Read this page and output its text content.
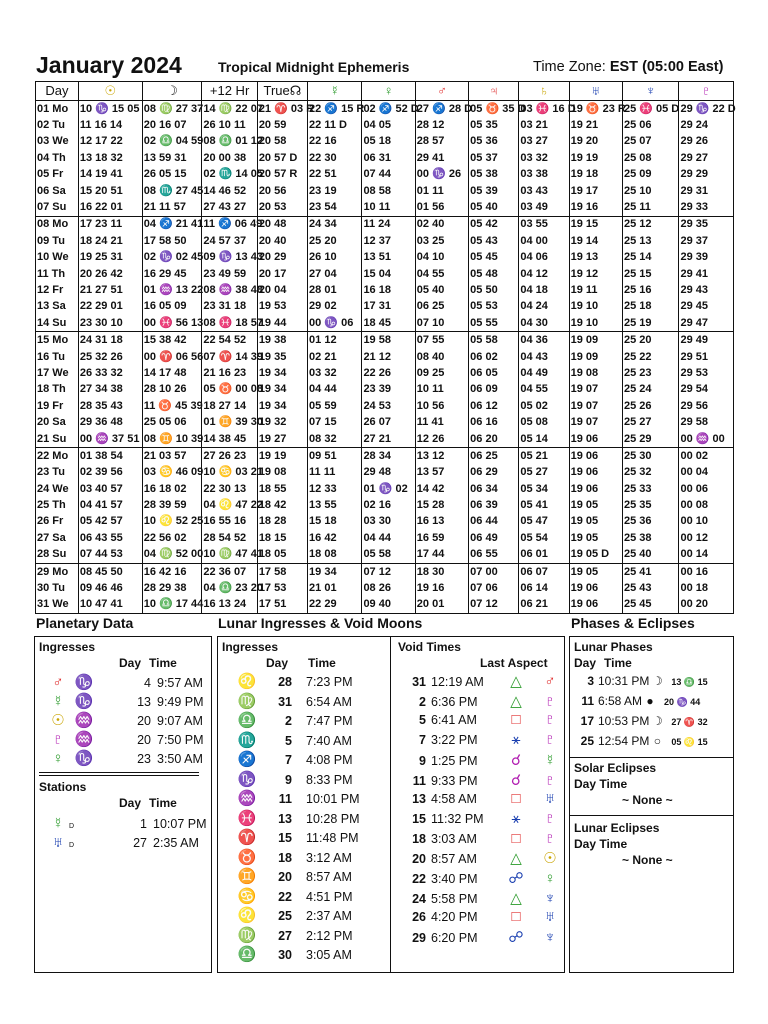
January 2024	Tropical Midnight Ephemeris	Time Zone: EST (05:00 East)
Day	☉	☽	+12 Hr	True☊	☿	♀	♂	♃	♄	♅	♆	♇
01 Mo	10 ♑ 15 05	08 ♍ 27 37	14 ♍ 22 07	21 ♈ 03 R	22 ♐ 15 R	02 ♐ 52 D	27 ♐ 28 D	05 ♉ 35 D	03 ♓ 16 D	19 ♉ 23 R	25 ♓ 05 D	29 ♑ 22 D
02 Tu	11 16 14	20 16 07	26 10 11	20 59	22 11 D	04 05	28 12	05 35	03 21	19 21	25 06	29 24
03 We	12 17 22	02 ♎ 04 59	08 ♎ 01 12	20 58	22 16	05 18	28 57	05 36	03 27	19 20	25 07	29 26
04 Th	13 18 32	13 59 31	20 00 38	20 57 D	22 30	06 31	29 41	05 37	03 32	19 19	25 08	29 27
05 Fr	14 19 41	26 05 15	02 ♏ 14 05	20 57 R	22 51	07 44	00 ♑ 26	05 38	03 38	19 18	25 09	29 29
06 Sa	15 20 51	08 ♏ 27 45	14 46 52	20 56	23 19	08 58	01 11	05 39	03 43	19 17	25 10	29 31
07 Su	16 22 01	21 11 57	27 43 27	20 53	23 54	10 11	01 56	05 40	03 49	19 16	25 11	29 33
08 Mo	17 23 11	04 ♐ 21 41	11 ♐ 06 49	20 48	24 34	11 24	02 40	05 42	03 55	19 15	25 12	29 35
09 Tu	18 24 21	17 58 50	24 57 37	20 40	25 20	12 37	03 25	05 43	04 00	19 14	25 13	29 37
10 We	19 25 31	02 ♑ 02 45	09 ♑ 13 43	20 29	26 10	13 51	04 10	05 45	04 06	19 13	25 14	29 39
11 Th	20 26 42	16 29 45	23 49 59	20 17	27 04	15 04	04 55	05 48	04 12	19 12	25 15	29 41
12 Fr	21 27 51	01 ♒ 13 22	08 ♒ 38 48	20 04	28 01	16 18	05 40	05 50	04 18	19 11	25 16	29 43
13 Sa	22 29 01	16 05 09	23 31 18	19 53	29 02	17 31	06 25	05 53	04 24	19 10	25 18	29 45
14 Su	23 30 10	00 ♓ 56 13	08 ♓ 18 57	19 44	00 ♑ 06	18 45	07 10	05 55	04 30	19 10	25 19	29 47
15 Mo	24 31 18	15 38 42	22 54 52	19 38	01 12	19 58	07 55	05 58	04 36	19 09	25 20	29 49
16 Tu	25 32 26	00 ♈ 06 56	07 ♈ 14 39	19 35	02 21	21 12	08 40	06 02	04 43	19 09	25 22	29 51
17 We	26 33 32	14 17 48	21 16 23	19 34	03 32	22 26	09 25	06 05	04 49	19 08	25 23	29 53
18 Th	27 34 38	28 10 26	05 ♉ 00 08	19 34	04 44	23 39	10 11	06 09	04 55	19 07	25 24	29 54
19 Fr	28 35 43	11 ♉ 45 39	18 27 14	19 34	05 59	24 53	10 56	06 12	05 02	19 07	25 26	29 56
20 Sa	29 36 48	25 05 06	01 ♊ 39 30	19 32	07 15	26 07	11 41	06 16	05 08	19 07	25 27	29 58
21 Su	00 ♒ 37 51	08 ♊ 10 39	14 38 45	19 27	08 32	27 21	12 26	06 20	05 14	19 06	25 29	00 ♒ 00
22 Mo	01 38 54	21 03 57	27 26 23	19 19	09 51	28 34	13 12	06 25	05 21	19 06	25 30	00 02
23 Tu	02 39 56	03 ♋ 46 09	10 ♋ 03 21	19 08	11 11	29 48	13 57	06 29	05 27	19 06	25 32	00 04
24 We	03 40 57	16 18 02	22 30 13	18 55	12 33	01 ♑ 02	14 42	06 34	05 34	19 06	25 33	00 06
25 Th	04 41 57	28 39 59	04 ♌ 47 22	18 42	13 55	02 16	15 28	06 39	05 41	19 05	25 35	00 08
26 Fr	05 42 57	10 ♌ 52 25	16 55 16	18 28	15 18	03 30	16 13	06 44	05 47	19 05	25 36	00 10
27 Sa	06 43 55	22 56 02	28 54 52	18 15	16 42	04 44	16 59	06 49	05 54	19 05	25 38	00 12
28 Su	07 44 53	04 ♍ 52 00	10 ♍ 47 41	18 05	18 08	05 58	17 44	06 55	06 01	19 05 D	25 40	00 14
29 Mo	08 45 50	16 42 16	22 36 07	17 58	19 34	07 12	18 30	07 00	06 07	19 05	25 41	00 16
30 Tu	09 46 46	28 29 38	04 ♎ 23 20	17 53	21 01	08 26	19 16	07 06	06 14	19 06	25 43	00 18
31 We	10 47 41	10 ♎ 17 44	16 13 24	17 51	22 29	09 40	20 01	07 12	06 21	19 06	25 45	00 20
Planetary Data
Ingresses
Day Time
♂ ♑	4 9:57 AM
☿ ♑	13 9:49 PM
☉ ♒	20 9:07 AM
♇ ♒	20 7:50 PM
♀ ♑	23 3:50 AM
Stations
Day Time
☿ D	1 10:07 PM
♅ D	27 2:35 AM
Lunar Ingresses & Void Moons
Ingresses
Day Time
♌ 28 7:23 PM
♍ 31 6:54 AM
♎ 2 7:47 PM
♏ 5 7:40 AM
♐ 7 4:08 PM
♑ 9 8:33 PM
♒ 11 10:01 PM
♓ 13 10:28 PM
♈ 15 11:48 PM
♉ 18 3:12 AM
♊ 20 8:57 AM
♋ 22 4:51 PM
♌ 25 2:37 AM
♍ 27 2:12 PM
♎ 30 3:05 AM
Void Times
Last Aspect
31 12:19 AM △ ♂
2 6:36 PM △ ♇
5 6:41 AM □ ♇
7 3:22 PM ⚹ ♇
9 1:25 PM ☌ ☿
11 9:33 PM ☌ ♇
13 4:58 AM □ ♅
15 11:32 PM ⚹ ♇
18 3:03 AM □ ♇
20 8:57 AM △ ☉
22 3:40 PM ☍ ♀
24 5:58 PM △ ♆
26 4:20 PM □ ♅
29 6:20 PM ☍ ♆
Phases & Eclipses
Lunar Phases
Day Time
3 10:31 PM ☽ 13 ♎ 15
11 6:58 AM ● 20 ♑ 44
17 10:53 PM ☽ 27 ♈ 32
25 12:54 PM ○ 05 ♌ 15
Solar Eclipses
Day Time
~ None ~
Lunar Eclipses
Day Time
~ None ~
